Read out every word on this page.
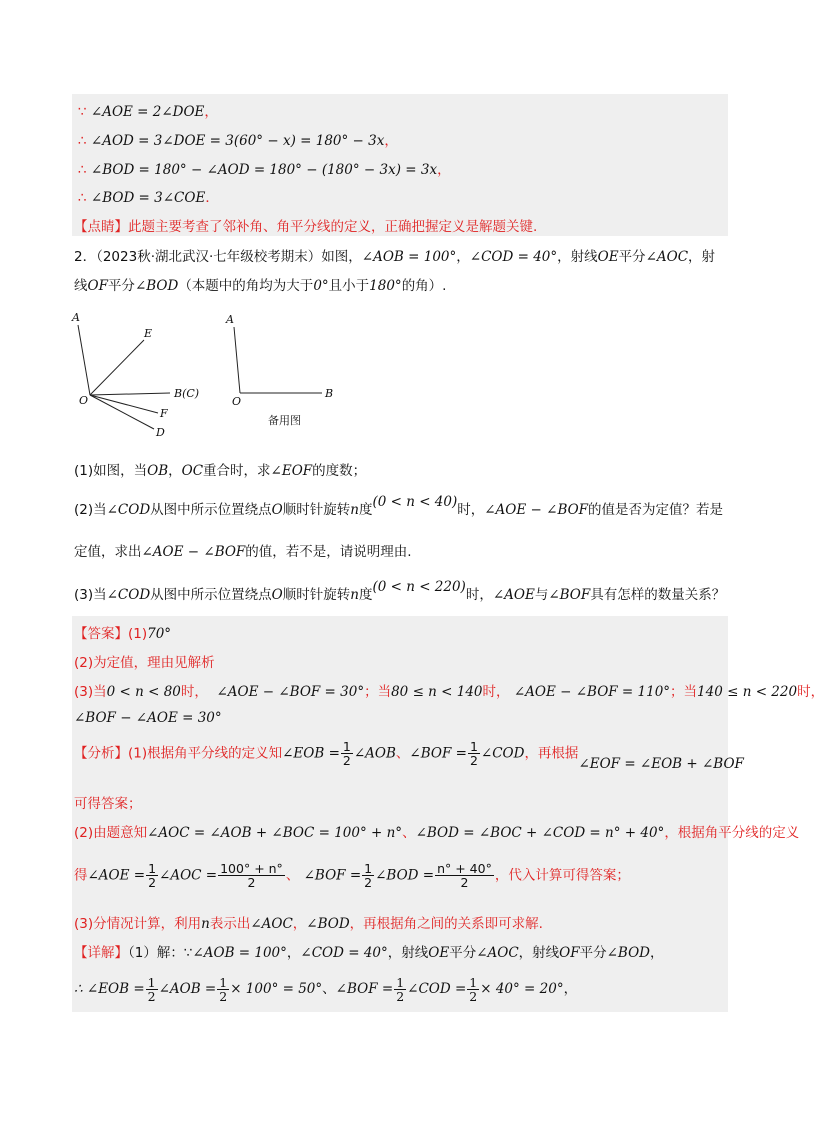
∵ ∠AOE = 2∠DOE，
∴ ∠AOD = 3∠DOE = 3(60° − x) = 180° − 3x，
∴ ∠BOD = 180° − ∠AOD = 180° − (180° − 3x) = 3x，
∴ ∠BOD = 3∠COE．
【点睛】此题主要考查了邻补角、角平分线的定义，正确把握定义是解题关键.
2．（2023秋·湖北武汉·七年级校考期末）如图，∠AOB = 100°，∠COD = 40°，射线OE平分∠AOC，射
线OF平分∠BOD（本题中的角均为大于0°且小于180°的角）.
A
E
B(C)
O
F
D
A
O
B
备用图
(1)如图，当OB，OC重合时，求∠EOF的度数；
(2)当∠COD从图中所示位置绕点O顺时针旋转n度(0 < n < 40)时，∠AOE − ∠BOF的值是否为定值？若是
定值，求出∠AOE − ∠BOF的值，若不是，请说明理由.
(3)当∠COD从图中所示位置绕点O顺时针旋转n度(0 < n < 220)时，∠AOE与∠BOF具有怎样的数量关系？
【答案】(1)70°
(2)为定值，理由见解析
(3)当0 < n < 80时， ∠AOE − ∠BOF = 30°；当80 ≤ n < 140时， ∠AOE − ∠BOF = 110°；当140 ≤ n < 220时，
∠BOF − ∠AOE = 30°
【分析】(1)根据角平分线的定义知∠EOB = $\frac{1}{2}$ ∠AOB、∠BOF = $\frac{1}{2}$ ∠COD，再根据∠EOF = ∠EOB + ∠BOF
可得答案；
(2)由题意知∠AOC = ∠AOB + ∠BOC = 100° + n°、∠BOD = ∠BOC + ∠COD = n° + 40°，根据角平分线的定义
得∠AOE = $\frac{1}{2}$ ∠AOC = $\frac{100^\circ + n^\circ}{2}$ 、 ∠BOF = $\frac{1}{2}$ ∠BOD = $\frac{n^\circ + 40^\circ}{2}$ ，代入计算可得答案；
(3)分情况计算，利用n表示出∠AOC，∠BOD，再根据角之间的关系即可求解.
【详解】（1）解：∵∠AOB = 100°，∠COD = 40°，射线OE平分∠AOC，射线OF平分∠BOD，
∴ ∠EOB = $\frac{1}{2}$ ∠AOB = $\frac{1}{2} \times 100^\circ = 50^\circ$、∠BOF = $\frac{1}{2}$ ∠COD = $\frac{1}{2} \times 40^\circ = 20^\circ$，
